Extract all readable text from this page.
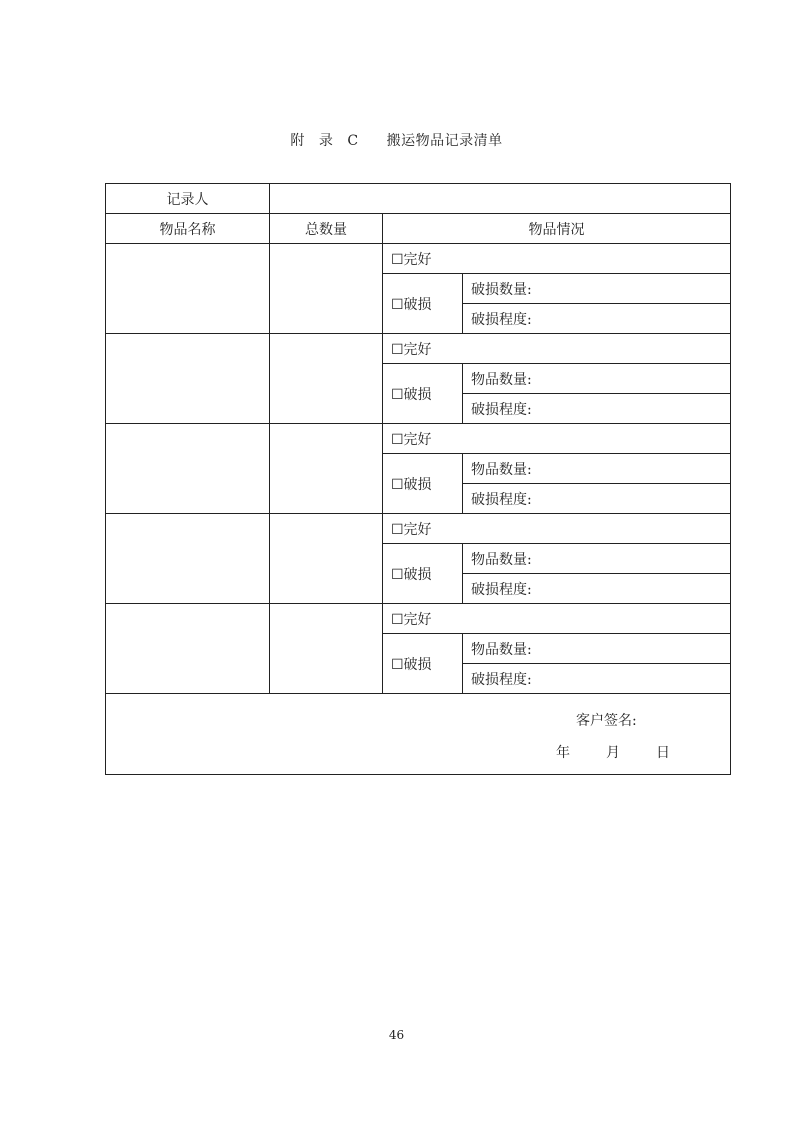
附 录 C 搬运物品记录清单
记录人			
物品名称	总数量	物品情况	
		☐完好	
		☐破损	破损数量:
			破损程度:
		☐完好	
		☐破损	物品数量:
			破损程度:
		☐完好	
		☐破损	物品数量:
			破损程度:
		☐完好	
		☐破损	物品数量:
			破损程度:
		☐完好	
		☐破损	物品数量:
			破损程度:

客户签名:
年 月 日			
46
